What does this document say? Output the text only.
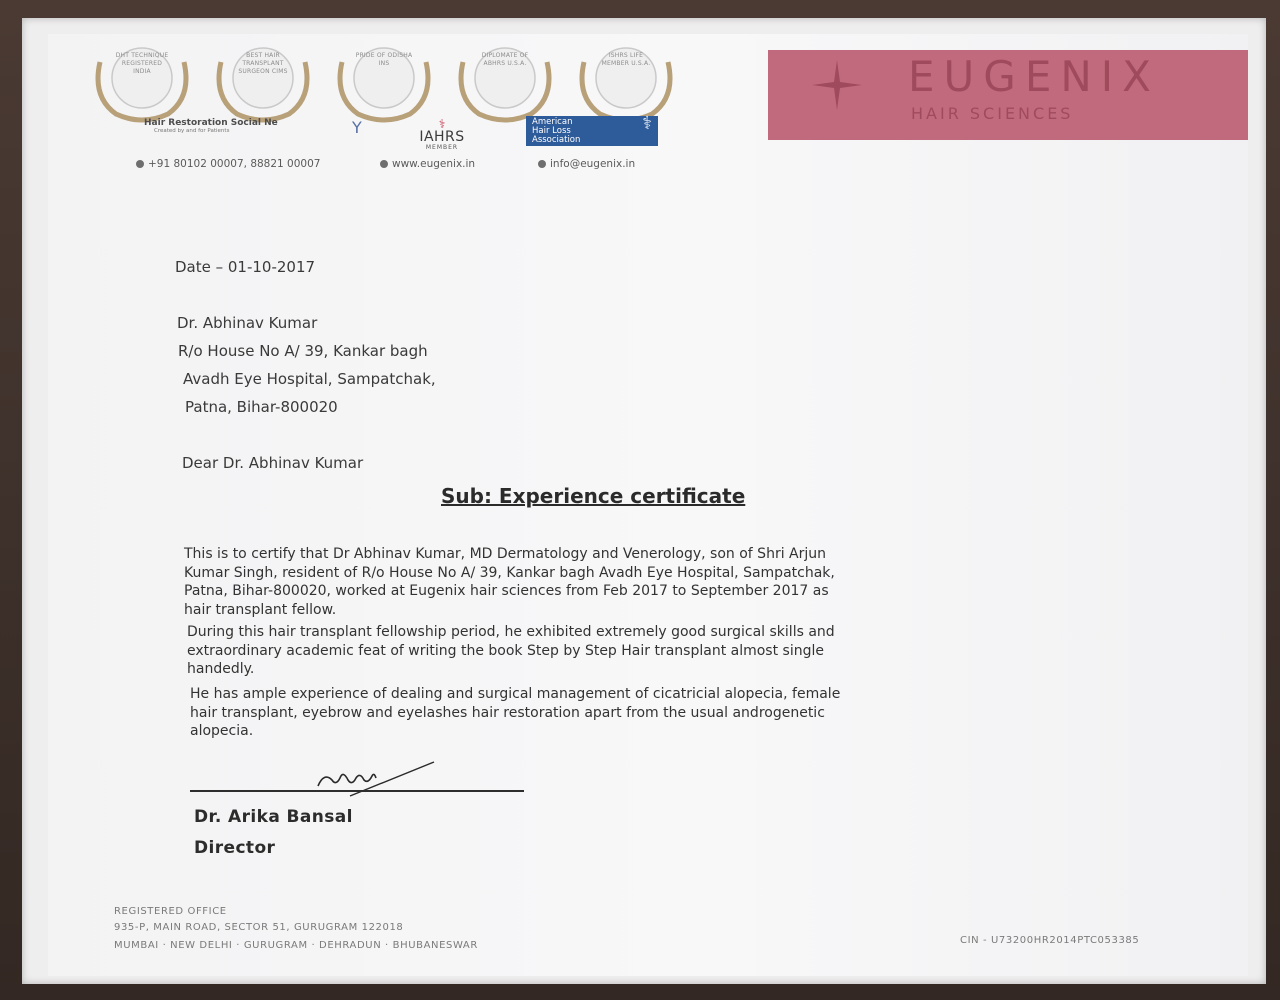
DHT TECHNIQUE REGISTERED INDIA
BEST HAIR TRANSPLANT SURGEON CIMS
PRIDE OF ODISHA INS
DIPLOMATE OF ABHRS U.S.A.
ISHRS LIFE MEMBER U.S.A.	EUGENIX
HAIR SCIENCES
Hair Restoration Social Ne
Created by and for Patients	Y	⚕
IAHRS
MEMBER
American
Hair Loss
Association
⚕
+91 80102 00007, 88821 00007	www.eugenix.in	info@eugenix.in
Date – 01-10-2017
Dr. Abhinav Kumar
R/o House No A/ 39, Kankar bagh
Avadh Eye Hospital, Sampatchak,
Patna, Bihar-800020
Dear Dr. Abhinav Kumar
Sub: Experience certificate
This is to certify that Dr Abhinav Kumar, MD Dermatology and Venerology, son of Shri Arjun
Kumar Singh, resident of R/o House No A/ 39, Kankar bagh Avadh Eye Hospital, Sampatchak,
Patna, Bihar-800020, worked at Eugenix hair sciences from Feb 2017 to September 2017 as
hair transplant fellow.
During this hair transplant fellowship period, he exhibited extremely good surgical skills and
extraordinary academic feat of writing the book Step by Step Hair transplant almost single
handedly.
He has ample experience of dealing and surgical management of cicatricial alopecia, female
hair transplant, eyebrow and eyelashes hair restoration apart from the usual androgenetic
alopecia.
Dr. Arika Bansal
Director
REGISTERED OFFICE
935-P, MAIN ROAD, SECTOR 51, GURUGRAM 122018
MUMBAI · NEW DELHI · GURUGRAM · DEHRADUN · BHUBANESWAR	CIN - U73200HR2014PTC053385
